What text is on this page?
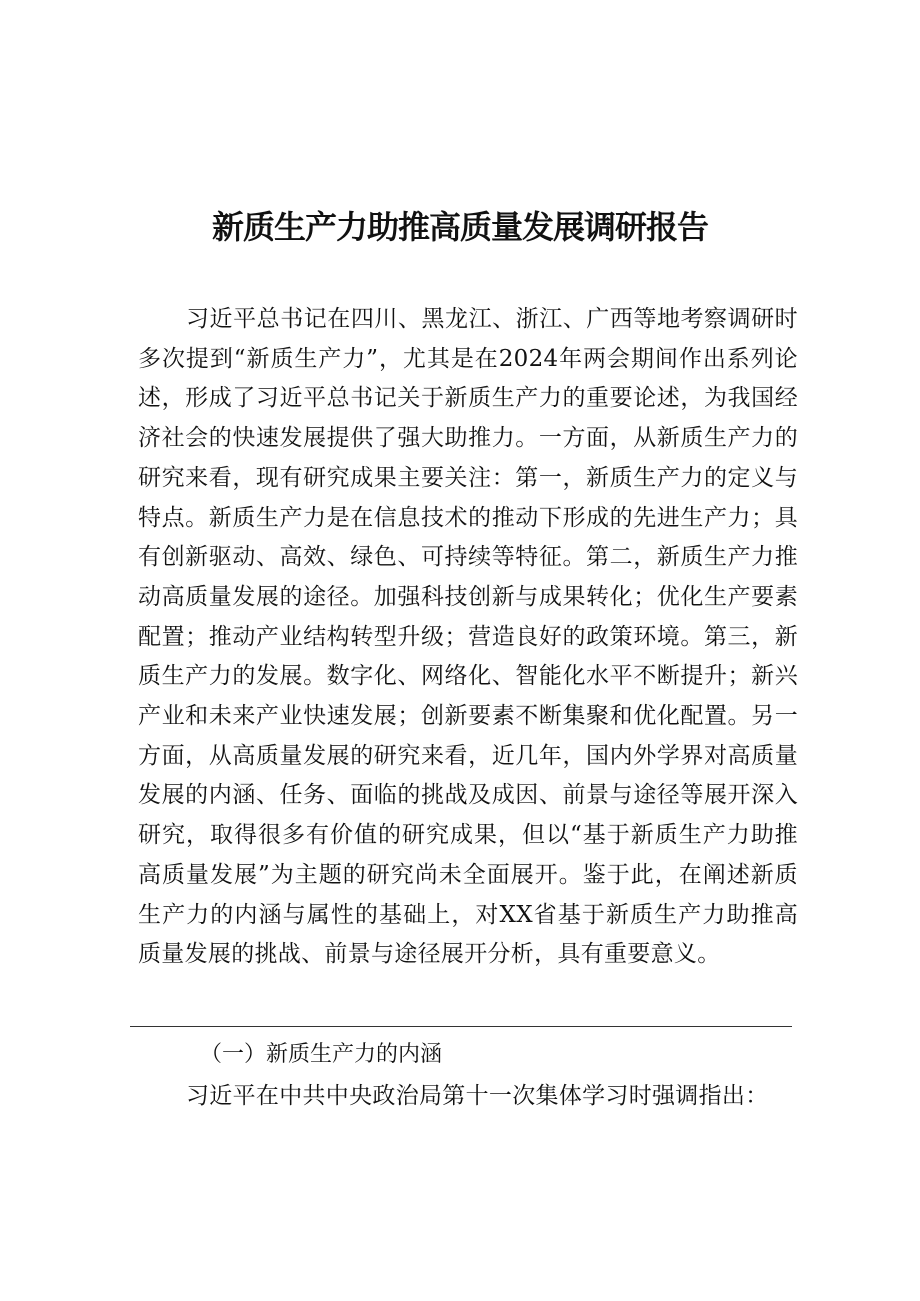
新质生产力助推高质量发展调研报告

习近平总书记在四川、黑龙江、浙江、广西等地考察调研时多次提到“新质生产力”，尤其是在2024年两会期间作出系列论述，形成了习近平总书记关于新质生产力的重要论述，为我国经济社会的快速发展提供了强大助推力。一方面，从新质生产力的研究来看，现有研究成果主要关注：第一，新质生产力的定义与特点。新质生产力是在信息技术的推动下形成的先进生产力；具有创新驱动、高效、绿色、可持续等特征。第二，新质生产力推动高质量发展的途径。加强科技创新与成果转化；优化生产要素配置；推动产业结构转型升级；营造良好的政策环境。第三，新质生产力的发展。数字化、网络化、智能化水平不断提升；新兴产业和未来产业快速发展；创新要素不断集聚和优化配置。另一方面，从高质量发展的研究来看，近几年，国内外学界对高质量发展的内涵、任务、面临的挑战及成因、前景与途径等展开深入研究，取得很多有价值的研究成果，但以“基于新质生产力助推高质量发展”为主题的研究尚未全面展开。鉴于此，在阐述新质生产力的内涵与属性的基础上，对XX省基于新质生产力助推高质量发展的挑战、前景与途径展开分析，具有重要意义。

（一）新质生产力的内涵

习近平在中共中央政治局第十一次集体学习时强调指出：
